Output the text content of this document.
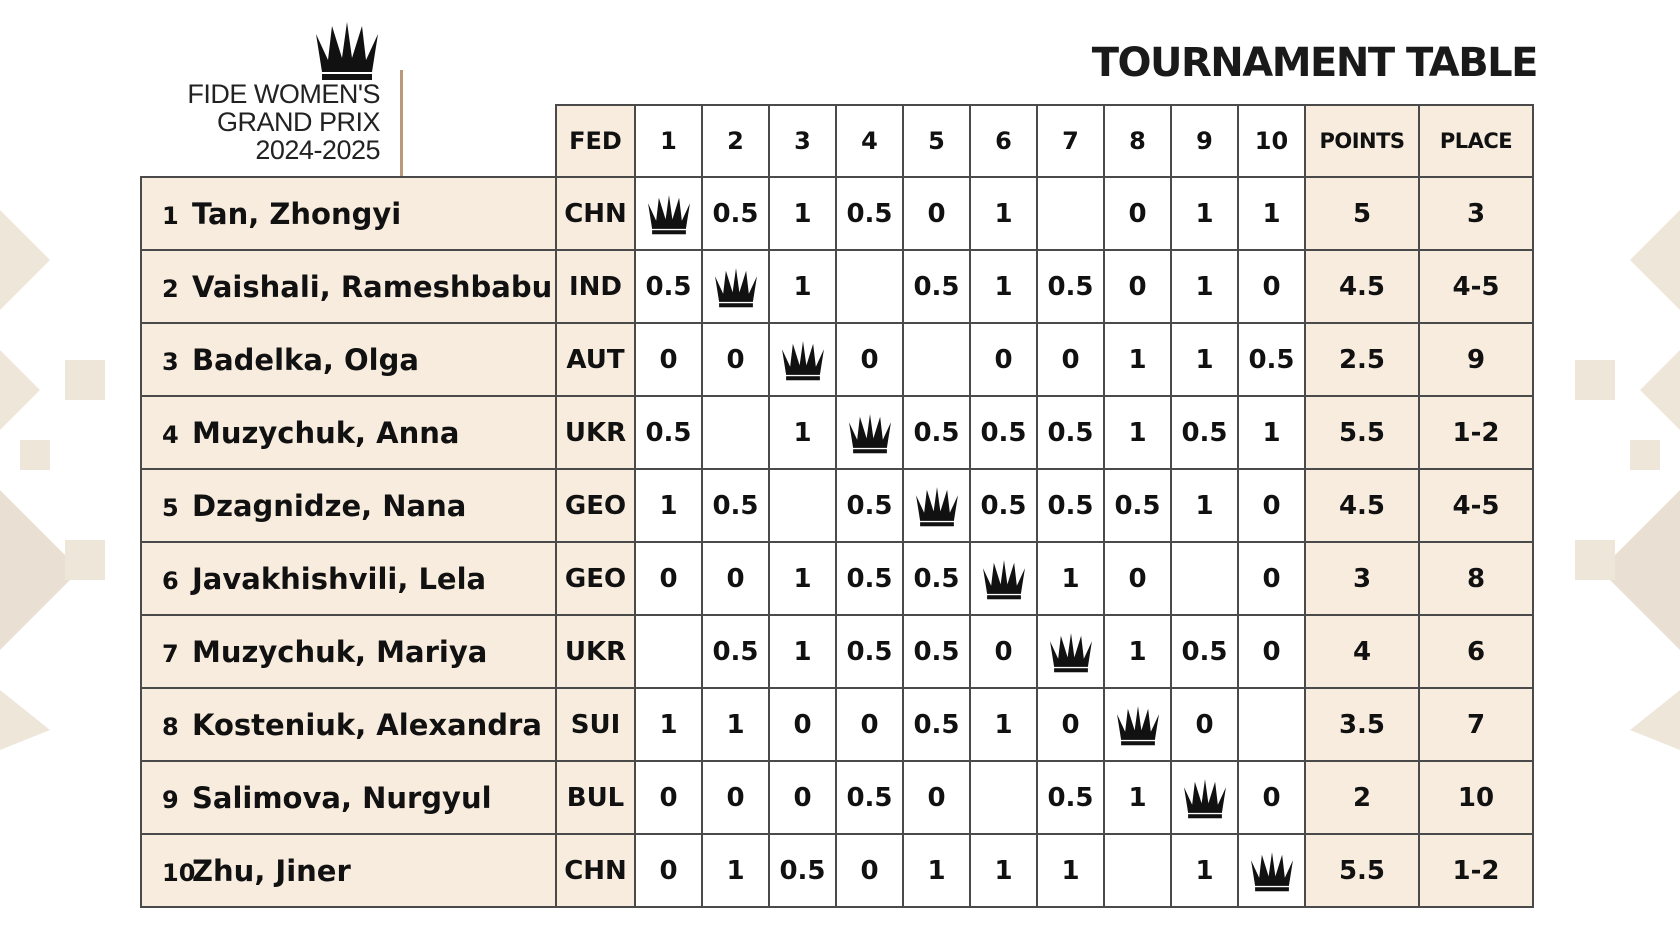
FIDE WOMEN'S
GRAND PRIX
2024-2025
TOURNAMENT TABLE
	FED	1	2	3	4	5	6	7	8	9	10	POINTS	PLACE
1 Tan, Zhongyi	CHN		0.5	1	0.5	0	1		0	1	1	5	3
2 Vaishali, Rameshbabu	IND	0.5		1		0.5	1	0.5	0	1	0	4.5	4-5
3 Badelka, Olga	AUT	0	0		0		0	0	1	1	0.5	2.5	9
4 Muzychuk, Anna	UKR	0.5		1		0.5	0.5	0.5	1	0.5	1	5.5	1-2
5 Dzagnidze, Nana	GEO	1	0.5		0.5		0.5	0.5	0.5	1	0	4.5	4-5
6 Javakhishvili, Lela	GEO	0	0	1	0.5	0.5		1	0		0	3	8
7 Muzychuk, Mariya	UKR		0.5	1	0.5	0.5	0		1	0.5	0	4	6
8 Kosteniuk, Alexandra	SUI	1	1	0	0	0.5	1	0		0		3.5	7
9 Salimova, Nurgyul	BUL	0	0	0	0.5	0		0.5	1		0	2	10
10Zhu, Jiner	CHN	0	1	0.5	0	1	1	1		1		5.5	1-2
